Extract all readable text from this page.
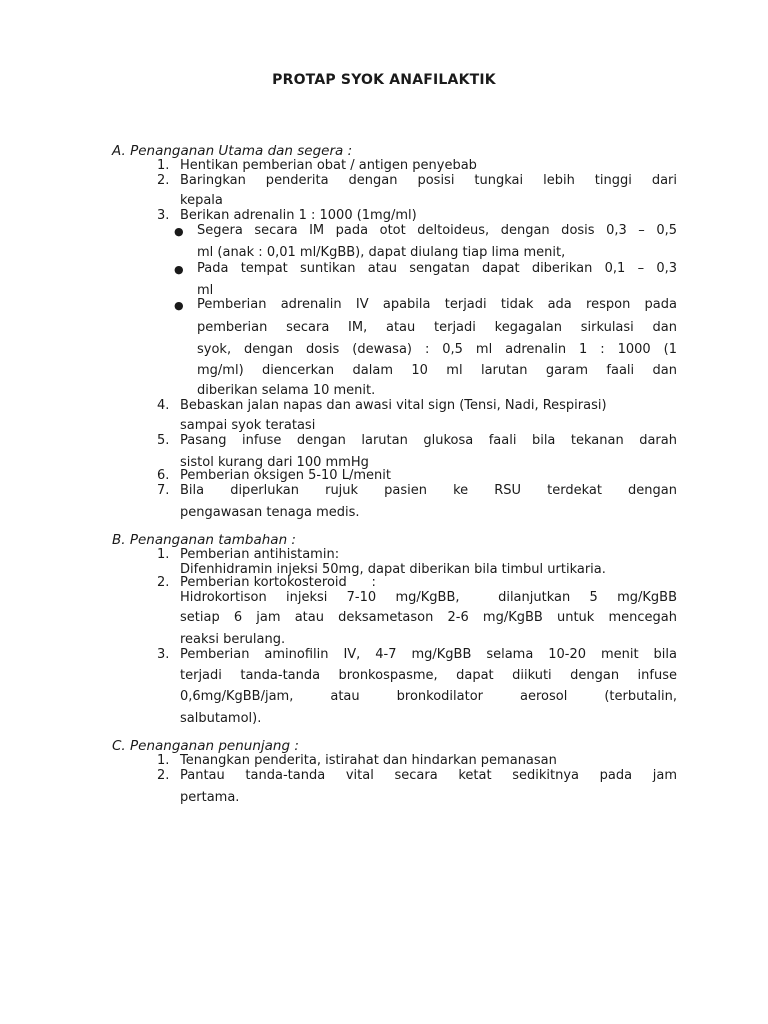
PROTAP SYOK ANAFILAKTIK
A. Penanganan Utama dan segera :
1. Hentikan pemberian obat / antigen penyebab
2. Baringkan penderita dengan posisi tungkai lebih tinggi dari
kepala
3. Berikan adrenalin 1 : 1000 (1mg/ml)
● Segera secara IM pada otot deltoideus, dengan dosis 0,3 – 0,5
ml (anak : 0,01 ml/KgBB), dapat diulang tiap lima menit,
● Pada tempat suntikan atau sengatan dapat diberikan 0,1 – 0,3
ml
● Pemberian adrenalin IV apabila terjadi tidak ada respon pada
pemberian secara IM, atau terjadi kegagalan sirkulasi dan
syok, dengan dosis (dewasa) : 0,5 ml adrenalin 1 : 1000 (1
mg/ml) diencerkan dalam 10 ml larutan garam faali dan
diberikan selama 10 menit.
4. Bebaskan jalan napas dan awasi vital sign (Tensi, Nadi, Respirasi)
sampai syok teratasi
5. Pasang infuse dengan larutan glukosa faali bila tekanan darah
sistol kurang dari 100 mmHg
6. Pemberian oksigen 5-10 L/menit
7. Bila diperlukan rujuk pasien ke RSU terdekat dengan
pengawasan tenaga medis.
B. Penanganan tambahan :
1. Pemberian antihistamin:
Difenhidramin injeksi 50mg, dapat diberikan bila timbul urtikaria.
2. Pemberian kortokosteroid      :
Hidrokortison injeksi 7-10 mg/KgBB,  dilanjutkan 5 mg/KgBB
setiap 6 jam atau deksametason 2-6 mg/KgBB untuk mencegah
reaksi berulang.
3. Pemberian aminofilin IV, 4-7 mg/KgBB selama 10-20 menit bila
terjadi tanda-tanda bronkospasme, dapat diikuti dengan infuse
0,6mg/KgBB/jam, atau bronkodilator aerosol (terbutalin,
salbutamol).
C. Penanganan penunjang :
1. Tenangkan penderita, istirahat dan hindarkan pemanasan
2. Pantau tanda-tanda vital secara ketat sedikitnya pada jam
pertama.
